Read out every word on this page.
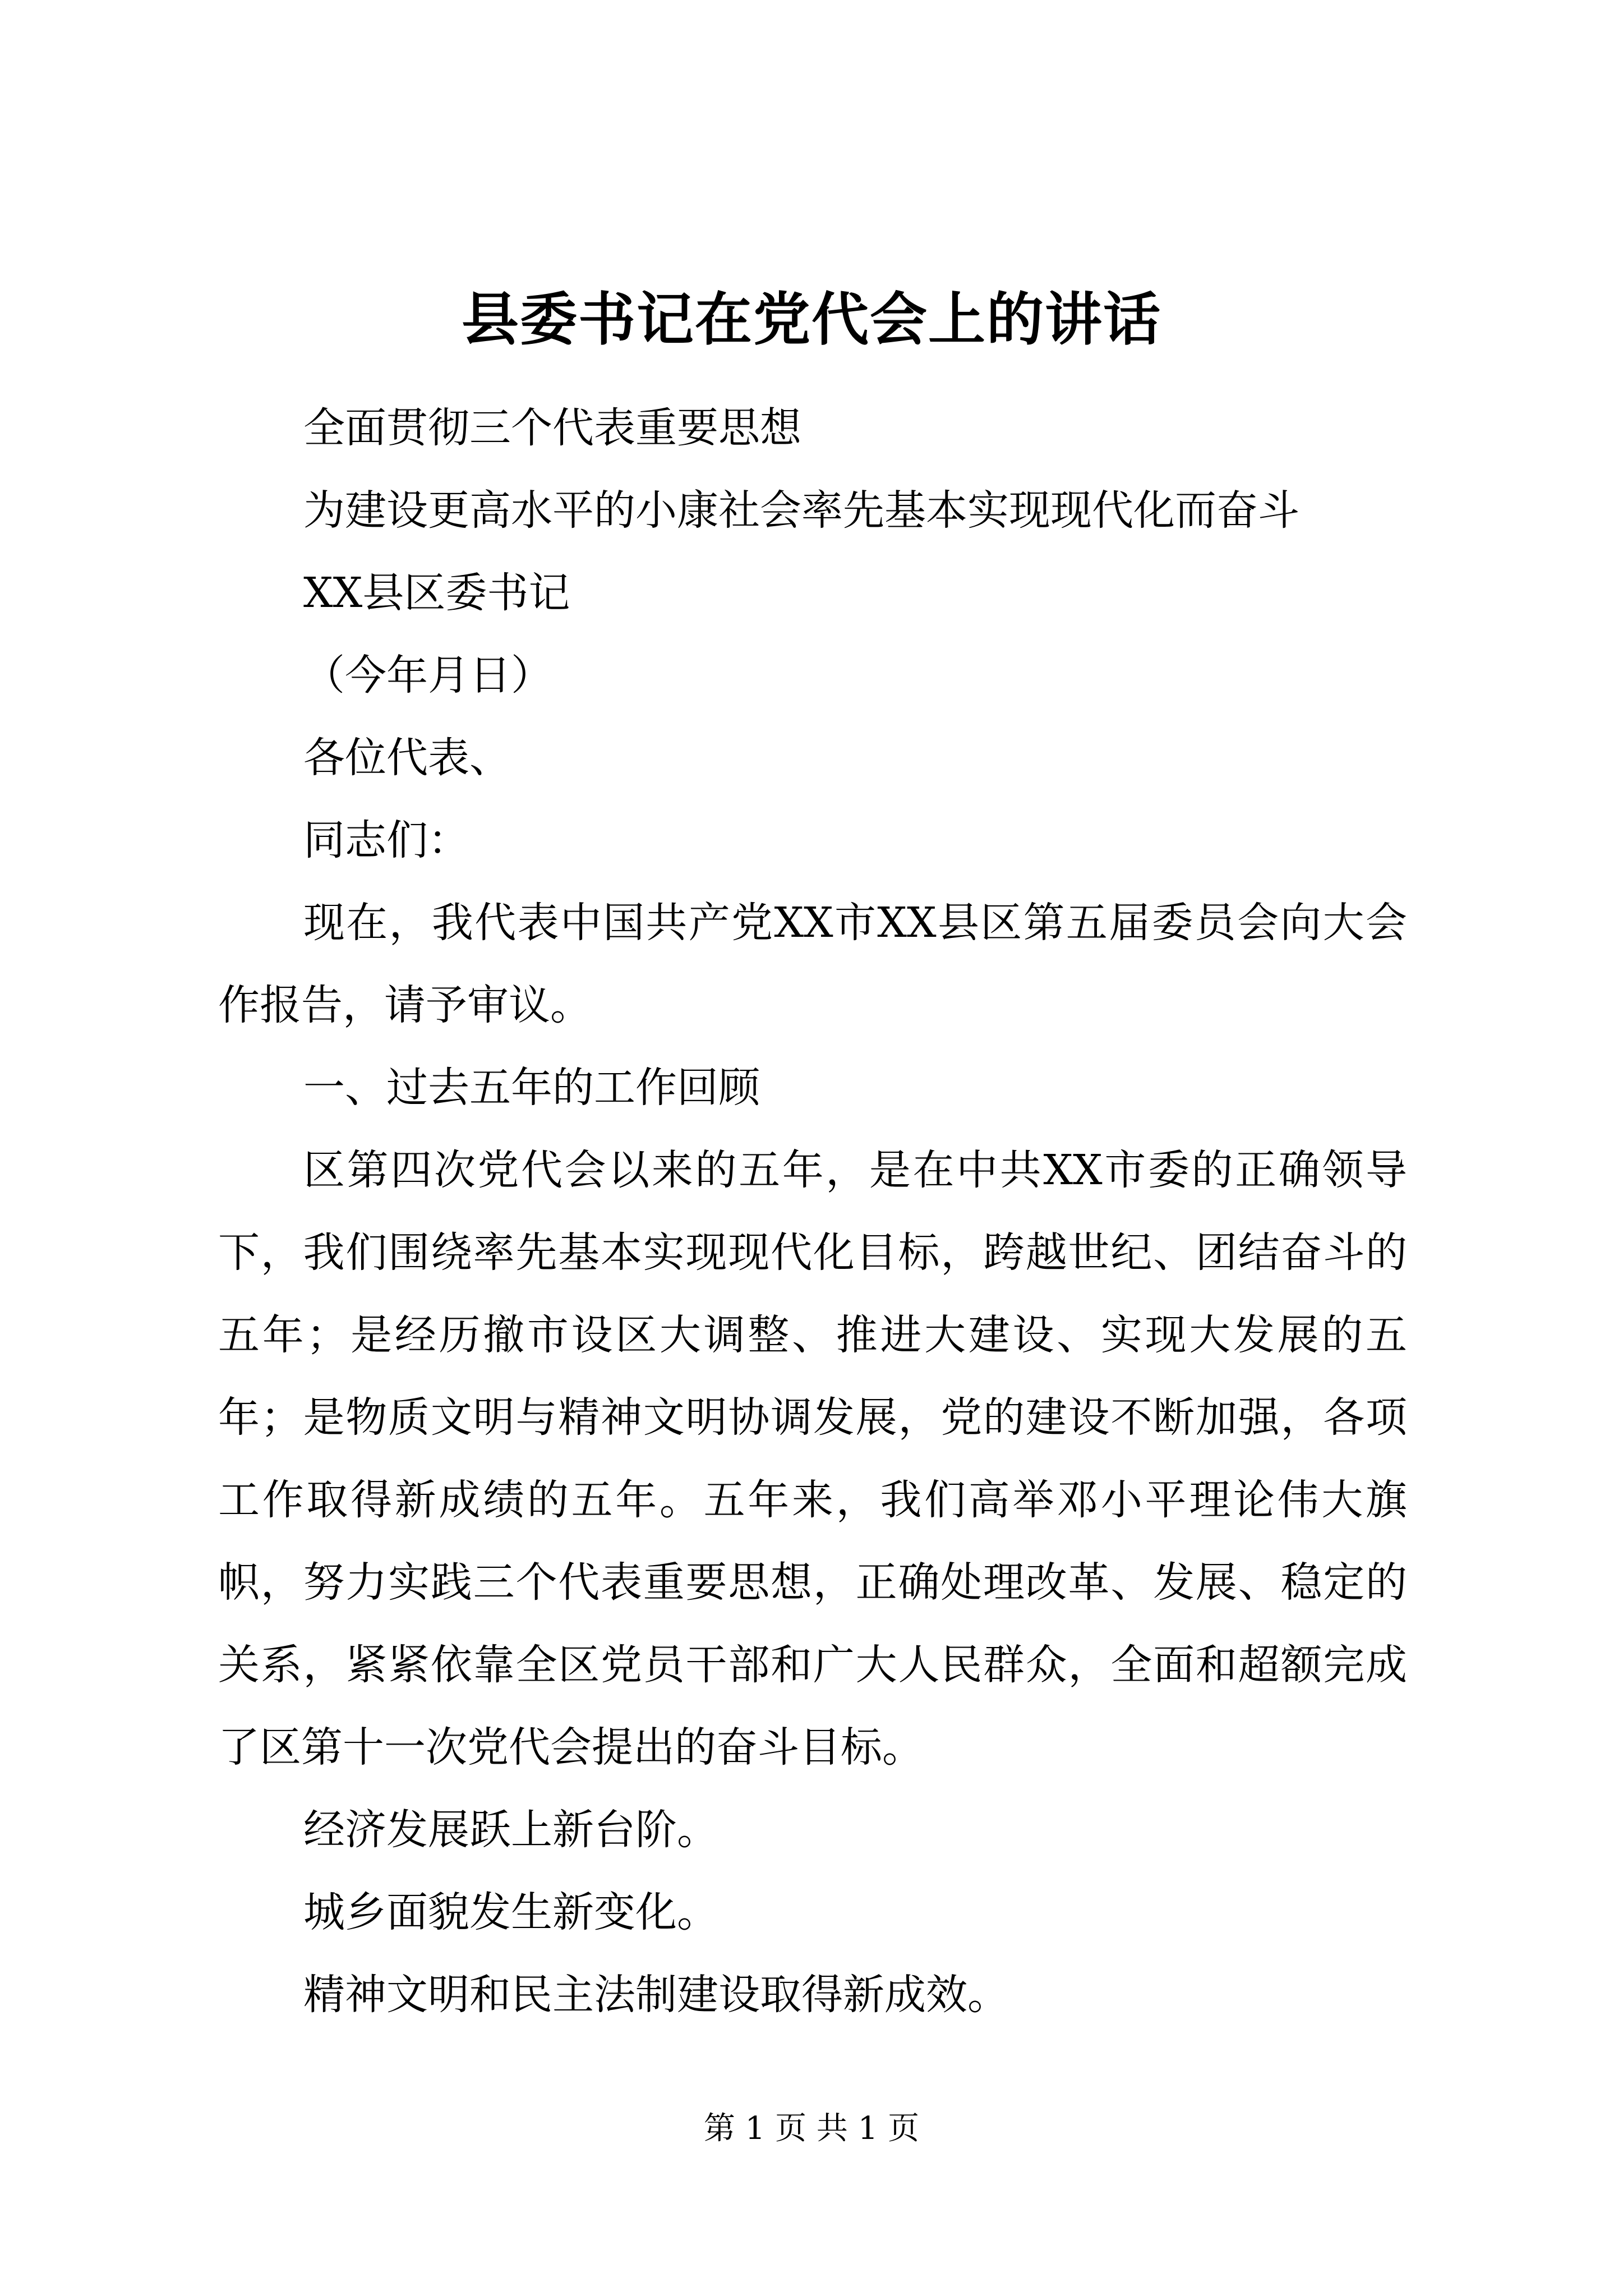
县委书记在党代会上的讲话

全面贯彻三个代表重要思想

为建设更高水平的小康社会率先基本实现现代化而奋斗

XX县区委书记

（今年月日）

各位代表、

同志们：

现在，我代表中国共产党XX市XX县区第五届委员会向大会作报告，请予审议。

一、过去五年的工作回顾

区第四次党代会以来的五年，是在中共XX市委的正确领导下，我们围绕率先基本实现现代化目标，跨越世纪、团结奋斗的五年；是经历撤市设区大调整、推进大建设、实现大发展的五年；是物质文明与精神文明协调发展，党的建设不断加强，各项工作取得新成绩的五年。五年来，我们高举邓小平理论伟大旗帜，努力实践三个代表重要思想，正确处理改革、发展、稳定的关系，紧紧依靠全区党员干部和广大人民群众，全面和超额完成了区第十一次党代会提出的奋斗目标。

经济发展跃上新台阶。

城乡面貌发生新变化。

精神文明和民主法制建设取得新成效。

第 1 页 共 1 页
